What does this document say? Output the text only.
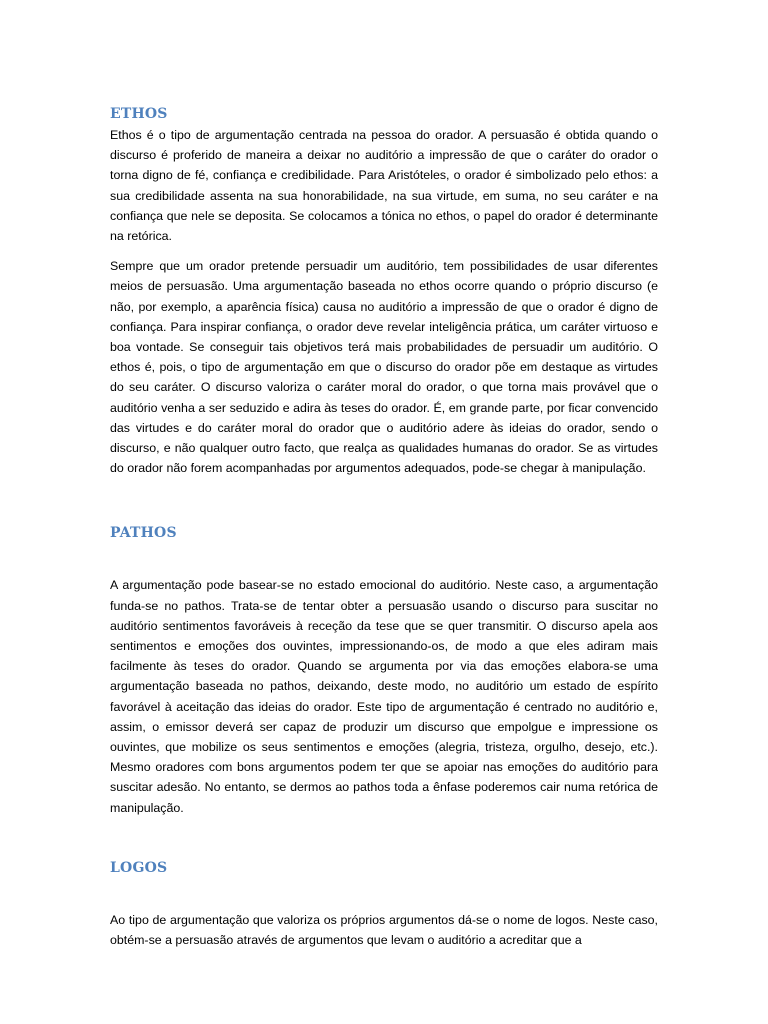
ETHOS

Ethos é o tipo de argumentação centrada na pessoa do orador. A persuasão é obtida quando o discurso é proferido de maneira a deixar no auditório a impressão de que o caráter do orador o torna digno de fé, confiança e credibilidade. Para Aristóteles, o orador é simbolizado pelo ethos: a sua credibilidade assenta na sua honorabilidade, na sua virtude, em suma, no seu caráter e na confiança que nele se deposita. Se colocamos a tónica no ethos, o papel do orador é determinante na retórica.

Sempre que um orador pretende persuadir um auditório, tem possibilidades de usar diferentes meios de persuasão. Uma argumentação baseada no ethos ocorre quando o próprio discurso (e não, por exemplo, a aparência física) causa no auditório a impressão de que o orador é digno de confiança. Para inspirar confiança, o orador deve revelar inteligência prática, um caráter virtuoso e boa vontade. Se conseguir tais objetivos terá mais probabilidades de persuadir um auditório. O ethos é, pois, o tipo de argumentação em que o discurso do orador põe em destaque as virtudes do seu caráter. O discurso valoriza o caráter moral do orador, o que torna mais provável que o auditório venha a ser seduzido e adira às teses do orador. É, em grande parte, por ficar convencido das virtudes e do caráter moral do orador que o auditório adere às ideias do orador, sendo o discurso, e não qualquer outro facto, que realça as qualidades humanas do orador. Se as virtudes do orador não forem acompanhadas por argumentos adequados, pode-se chegar à manipulação.

PATHOS

A argumentação pode basear-se no estado emocional do auditório. Neste caso, a argumentação funda-se no pathos. Trata-se de tentar obter a persuasão usando o discurso para suscitar no auditório sentimentos favoráveis à receção da tese que se quer transmitir. O discurso apela aos sentimentos e emoções dos ouvintes, impressionando-os, de modo a que eles adiram mais facilmente às teses do orador. Quando se argumenta por via das emoções elabora-se uma argumentação baseada no pathos, deixando, deste modo, no auditório um estado de espírito favorável à aceitação das ideias do orador. Este tipo de argumentação é centrado no auditório e, assim, o emissor deverá ser capaz de produzir um discurso que empolgue e impressione os ouvintes, que mobilize os seus sentimentos e emoções (alegria, tristeza, orgulho, desejo, etc.). Mesmo oradores com bons argumentos podem ter que se apoiar nas emoções do auditório para suscitar adesão. No entanto, se dermos ao pathos toda a ênfase poderemos cair numa retórica de manipulação.

LOGOS

Ao tipo de argumentação que valoriza os próprios argumentos dá-se o nome de logos. Neste caso, obtém-se a persuasão através de argumentos que levam o auditório a acreditar que a
